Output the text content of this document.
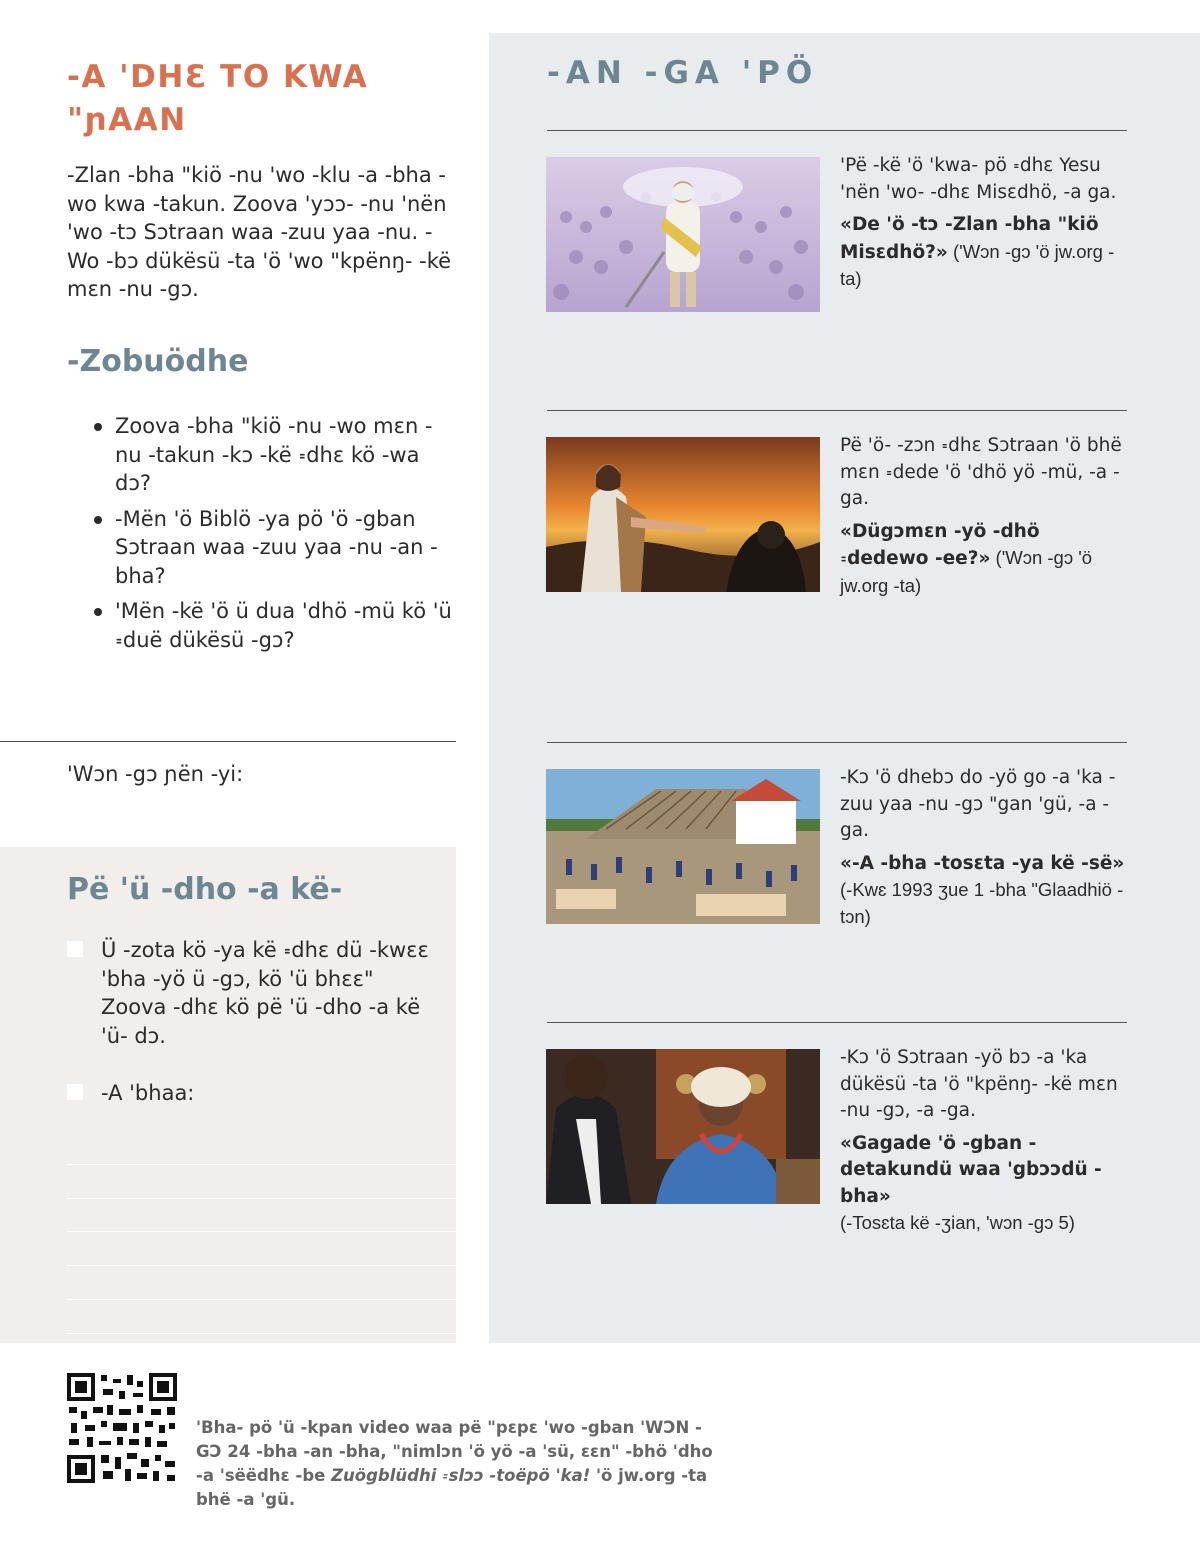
-A 'DHƐ TO KWA "ɲAAN

-Zlan -bha "kiö -nu 'wo -klu -a -bha -wo kwa -takun. Zoova 'yɔɔ- -nu 'nën 'wo -tɔ Sɔtraan waa -zuu yaa -nu. -Wo -bɔ dükësü -ta 'ö 'wo "kpënŋ- -kë mɛn -nu -gɔ.

-Zobuödhe
Zoova -bha "kiö -nu -wo mɛn -nu -takun -kɔ -kë ꞊dhɛ kö -wa dɔ?
-Mën 'ö Biblö -ya pö 'ö -gban Sɔtraan waa -zuu yaa -nu -an -bha?
'Mën -kë 'ö ü dua 'dhö -mü kö 'ü ꞊duë dükësü -gɔ?
'Wɔn -gɔ ɲën -yi:
Pë 'ü -dho -a kë-
Ü -zota kö -ya kë ꞊dhɛ dü -kwɛɛ 'bha -yö ü -gɔ, kö 'ü bhɛɛ" Zoova -dhɛ kö pë 'ü -dho -a kë 'ü- dɔ.
-A 'bhaa:
-AN -GA 'PÖ
'Pë -kë 'ö 'kwa- pö ꞊dhɛ Yesu 'nën 'wo- -dhɛ Misɛdhö, -a ga.
«De 'ö -tɔ -Zlan -bha "kiö Misɛdhö?» ('Wɔn -gɔ 'ö jw.org -ta)
Pë 'ö- -zɔn ꞊dhɛ Sɔtraan 'ö bhë mɛn ꞊dede 'ö 'dhö yö -mü, -a -ga.
«Dügɔmɛn -yö -dhö ꞊dedewo -ee?» ('Wɔn -gɔ 'ö jw.org -ta)
-Kɔ 'ö dhebɔ do -yö go -a 'ka -zuu yaa -nu -gɔ "gan 'gü, -a -ga.
«-A -bha -tosɛta -ya kë -së»
(-Kwɛ 1993 ʒue 1 -bha "Glaadhiö -tɔn)
-Kɔ 'ö Sɔtraan -yö bɔ -a 'ka dükësü -ta 'ö "kpënŋ- -kë mɛn -nu -gɔ, -a -ga.
«Gagade 'ö -gban -detakundü waa 'gbɔɔdü -bha»
(-Tosɛta kë -ʒian, 'wɔn -gɔ 5)

'Bha- pö 'ü -kpan video waa pë "pɛpɛ 'wo -gban 'WƆN -GƆ 24 -bha -an -bha, "nimlɔn 'ö yö -a 'sü, ɛɛn" -bhö 'dho -a 'sëëdhɛ -be Zuögblüdhi ꞊slɔɔ -toëpö 'ka! 'ö jw.org -ta bhë -a 'gü.
